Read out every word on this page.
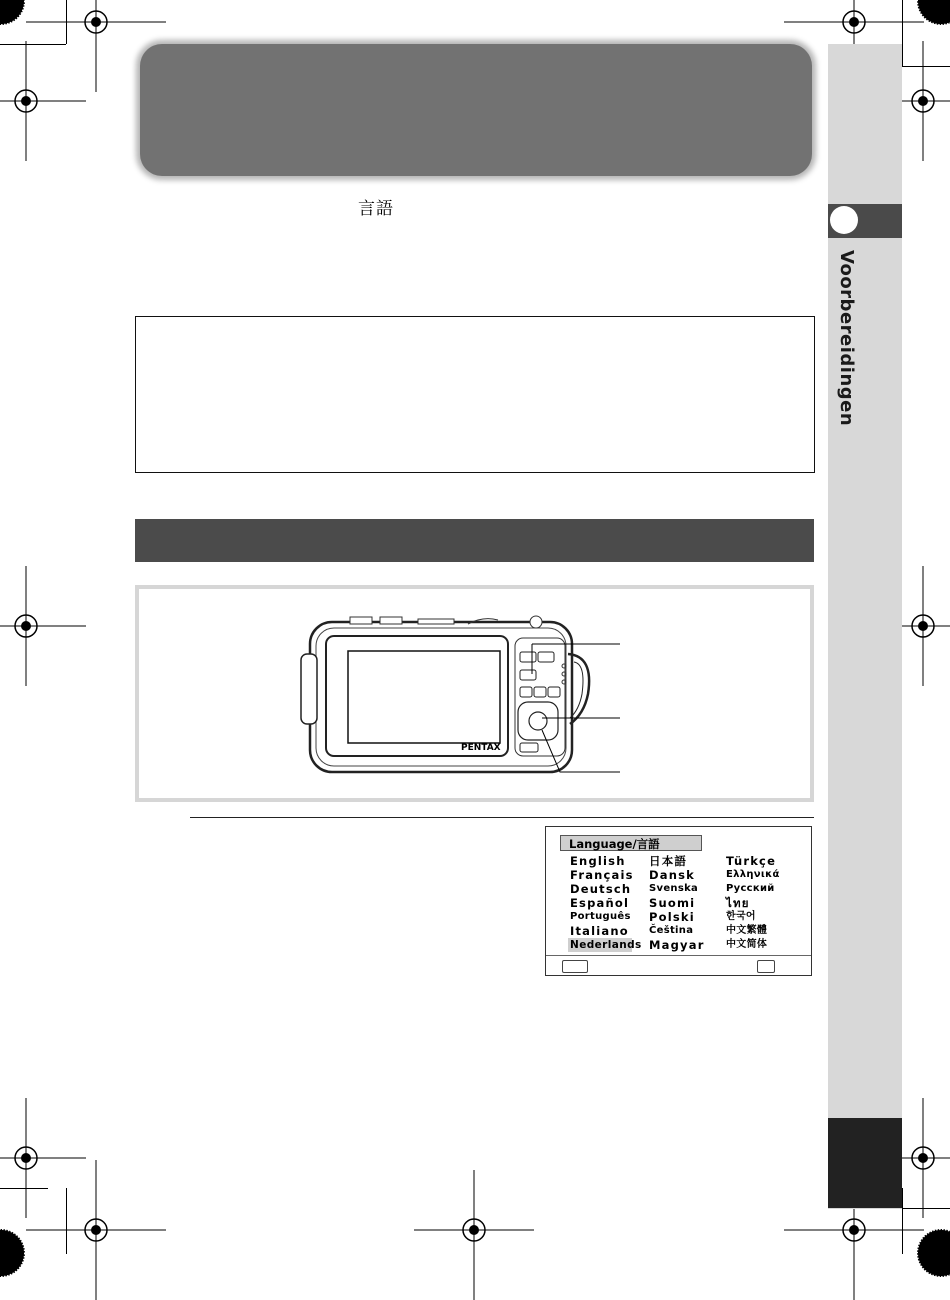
Voorbereidingen
言語
PENTAX
Language/言語
English
Français
Deutsch
Español
Português
Italiano
Nederlands
日本語
Dansk
Svenska
Suomi
Polski
Čeština
Magyar
Türkçe
Ελληνικά
Русский
ไทย
한국어
中文繁體
中文简体
